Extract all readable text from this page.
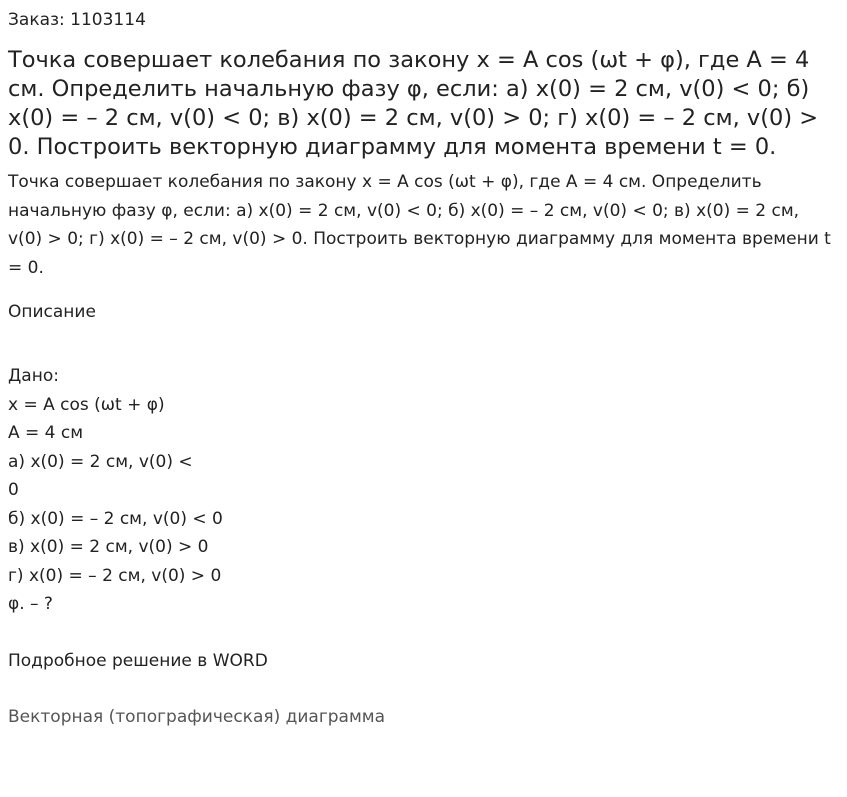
Заказ: 1103114

Точка совершает колебания по закону x = A cos (ωt + φ), где A = 4 см. Определить начальную фазу φ, если: а) x(0) = 2 см, v(0) < 0; б) x(0) = – 2 см, v(0) < 0; в) x(0) = 2 см, v(0) > 0; г) x(0) = – 2 см, v(0) > 0. Построить векторную диаграмму для момента времени t = 0.

Точка совершает колебания по закону x = A cos (ωt + φ), где A = 4 см. Определить начальную фазу φ, если: а) x(0) = 2 см, v(0) < 0; б) x(0) = – 2 см, v(0) < 0; в) x(0) = 2 см, v(0) > 0; г) x(0) = – 2 см, v(0) > 0. Построить векторную диаграмму для момента времени t = 0.

Описание

Дано:
x = A cos (ωt + φ)
A = 4 см
а) x(0) = 2 см, v(0) <
0
б) x(0) = – 2 см, v(0) < 0
в) x(0) = 2 см, v(0) > 0
г) x(0) = – 2 см, v(0) > 0
φ. – ?

Подробное решение в WORD

Векторная (топографическая) диаграмма
